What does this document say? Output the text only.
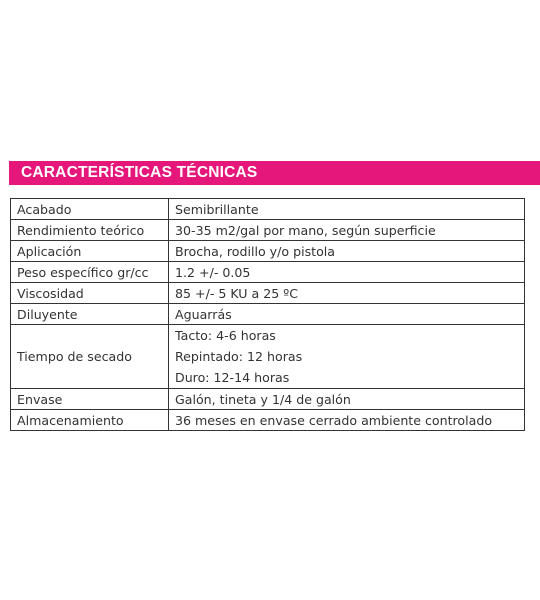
CARACTERÍSTICAS TÉCNICAS
Acabado	Semibrillante
Rendimiento teórico	30-35 m2/gal por mano, según superficie
Aplicación	Brocha, rodillo y/o pistola
Peso específico gr/cc	1.2 +/- 0.05
Viscosidad	85 +/- 5 KU a 25 ºC
Diluyente	Aguarrás
Tiempo de secado	Tacto: 4-6 horas
Repintado: 12 horas
Duro: 12-14 horas

Envase	Galón, tineta y 1/4 de galón
Almacenamiento	36 meses en envase cerrado ambiente controlado
